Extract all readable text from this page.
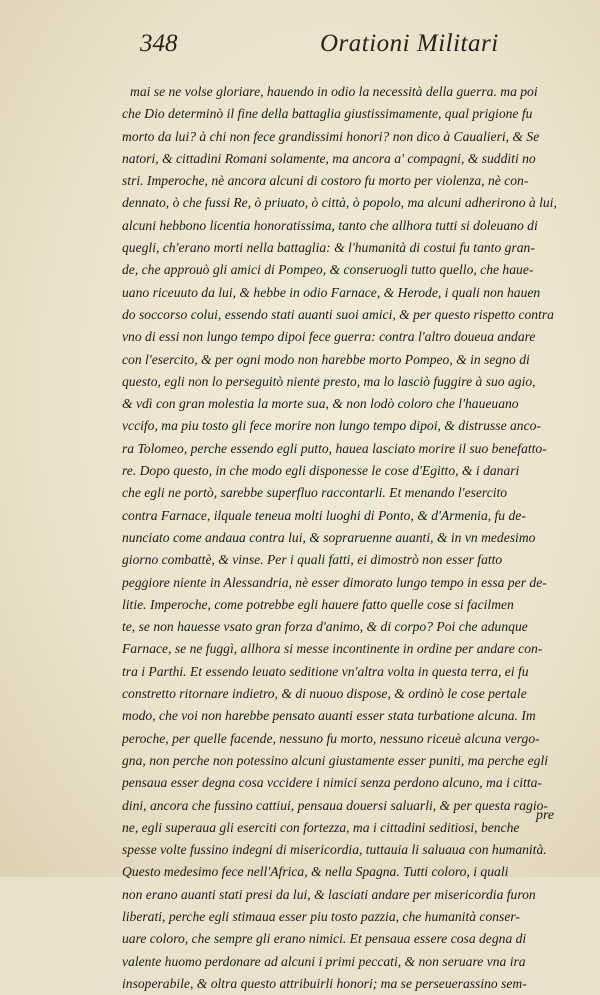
348	Orationi Militari
mai se ne volse gloriare, hauendo in odio la necessità della guerra. ma poi
che Dio determinò il fine della battaglia giustissimamente, qual prigione fu
morto da lui? à chi non fece grandissimi honori? non dico à Caualieri, & Se
natori, & cittadini Romani solamente, ma ancora a' compagni, & sudditi no
stri. Imperoche, nè ancora alcuni di costoro fu morto per violenza, nè con-
dennato, ò che fussi Re, ò priuato, ò città, ò popolo, ma alcuni adherirono à lui,
alcuni hebbono licentia honoratissima, tanto che allhora tutti si doleuano di
quegli, ch'erano morti nella battaglia: & l'humanità di costui fu tanto gran-
de, che approuò gli amici di Pompeo, & conseruogli tutto quello, che haue-
uano riceuuto da lui, & hebbe in odio Farnace, & Herode, i quali non hauen
do soccorso colui, essendo stati auanti suoi amici, & per questo rispetto contra
vno di essi non lungo tempo dipoi fece guerra: contra l'altro doueua andare
con l'esercito, & per ogni modo non harebbe morto Pompeo, & in segno di
questo, egli non lo perseguitò niente presto, ma lo lasciò fuggire à suo agio,
& vdì con gran molestia la morte sua, & non lodò coloro che l'haueuano
vccifo, ma piu tosto gli fece morire non lungo tempo dipoi, & distrusse anco-
ra Tolomeo, perche essendo egli putto, hauea lasciato morire il suo benefatto-
re. Dopo questo, in che modo egli disponesse le cose d'Egitto, & i danari
che egli ne portò, sarebbe superfluo raccontarli. Et menando l'esercito
contra Farnace, ilquale teneua molti luoghi di Ponto, & d'Armenia, fu de-
nunciato come andaua contra lui, & sopraruenne auanti, & in vn medesimo
giorno combattè, & vinse. Per i quali fatti, ei dimostrò non esser fatto
peggiore niente in Alessandria, nè esser dimorato lungo tempo in essa per de-
litie. Imperoche, come potrebbe egli hauere fatto quelle cose si facilmen
te, se non hauesse vsato gran forza d'animo, & di corpo? Poi che adunque
Farnace, se ne fuggì, allhora si messe incontinente in ordine per andare con-
tra i Parthi. Et essendo leuato seditione vn'altra volta in questa terra, ei fu
constretto ritornare indietro, & di nuouo dispose, & ordinò le cose pertale
modo, che voi non harebbe pensato auanti esser stata turbatione alcuna. Im
peroche, per quelle facende, nessuno fu morto, nessuno riceuè alcuna vergo-
gna, non perche non potessino alcuni giustamente esser puniti, ma perche egli
pensaua esser degna cosa vccidere i nimici senza perdono alcuno, ma i citta-
dini, ancora che fussino cattiui, pensaua douersi saluarli, & per questa ragio-
ne, egli superaua gli eserciti con fortezza, ma i cittadini seditiosi, benche
spesse volte fussino indegni di misericordia, tuttauia li saluaua con humanità.
Questo medesimo fece nell'Africa, & nella Spagna. Tutti coloro, i quali
non erano auanti stati presi da lui, & lasciati andare per misericordia furon
liberati, perche egli stimaua esser piu tosto pazzia, che humanità conser-
uare coloro, che sempre gli erano nimici. Et pensaua essere cosa degna di
valente huomo perdonare ad alcuni i primi peccati, & non seruare vna ira
insoperabile, & oltra questo attribuirli honori; ma se perseuerassino sem-
pre
